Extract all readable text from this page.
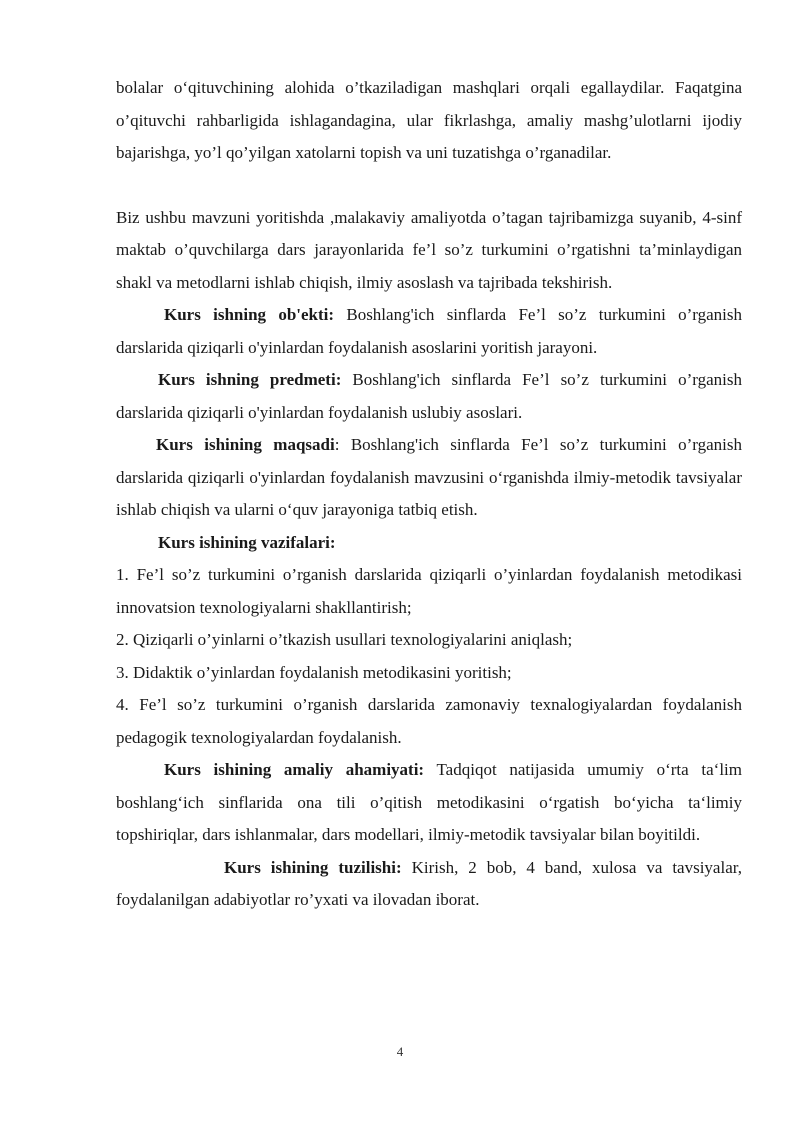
bolalar o‘qituvchining alohida o’tkaziladigan mashqlari orqali egallaydilar. Faqatgina o’qituvchi rahbarligida ishlagandagina, ular fikrlashga, amaliy mashg’ulotlarni ijodiy bajarishga, yo’l qo’yilgan xatolarni topish va uni tuzatishga o’rganadilar.

Biz ushbu mavzuni yoritishda ,malakaviy amaliyotda o’tagan tajribamizga suyanib, 4-sinf maktab o’quvchilarga dars jarayonlarida fe’l so’z turkumini o’rgatishni ta’minlaydigan shakl va metodlarni ishlab chiqish, ilmiy asoslash va tajribada tekshirish.

Kurs ishning ob'ekti: Boshlang'ich sinflarda Fe’l so’z turkumini o’rganish darslarida qiziqarli o'yinlardan foydalanish asoslarini yoritish jarayoni.

Kurs ishning predmeti: Boshlang'ich sinflarda Fe’l so’z turkumini o’rganish darslarida qiziqarli o'yinlardan foydalanish uslubiy asoslari.

Kurs ishining maqsadi: Boshlang'ich sinflarda Fe’l so’z turkumini o’rganish darslarida qiziqarli o'yinlardan foydalanish mavzusini o‘rganishda ilmiy-metodik tavsiyalar ishlab chiqish va ularni o‘quv jarayoniga tatbiq etish.

Kurs ishining vazifalari:

1. Fe’l so’z turkumini o’rganish darslarida qiziqarli o’yinlardan foydalanish metodikasi innovatsion texnologiyalarni shakllantirish;

2. Qiziqarli o’yinlarni o’tkazish usullari texnologiyalarini aniqlash;

3. Didaktik o’yinlardan foydalanish metodikasini yoritish;

4. Fe’l so’z turkumini o’rganish darslarida zamonaviy texnalogiyalardan foydalanish pedagogik texnologiyalardan foydalanish.

Kurs ishining amaliy ahamiyati: Tadqiqot natijasida umumiy o‘rta ta‘lim boshlang‘ich sinflarida ona tili o’qitish metodikasini o‘rgatish bo‘yicha ta‘limiy topshiriqlar, dars ishlanmalar, dars modellari, ilmiy-metodik tavsiyalar bilan boyitildi.

Kurs ishining tuzilishi: Kirish, 2 bob, 4 band, xulosa va tavsiyalar, foydalanilgan adabiyotlar ro’yxati va ilovadan iborat.

4
